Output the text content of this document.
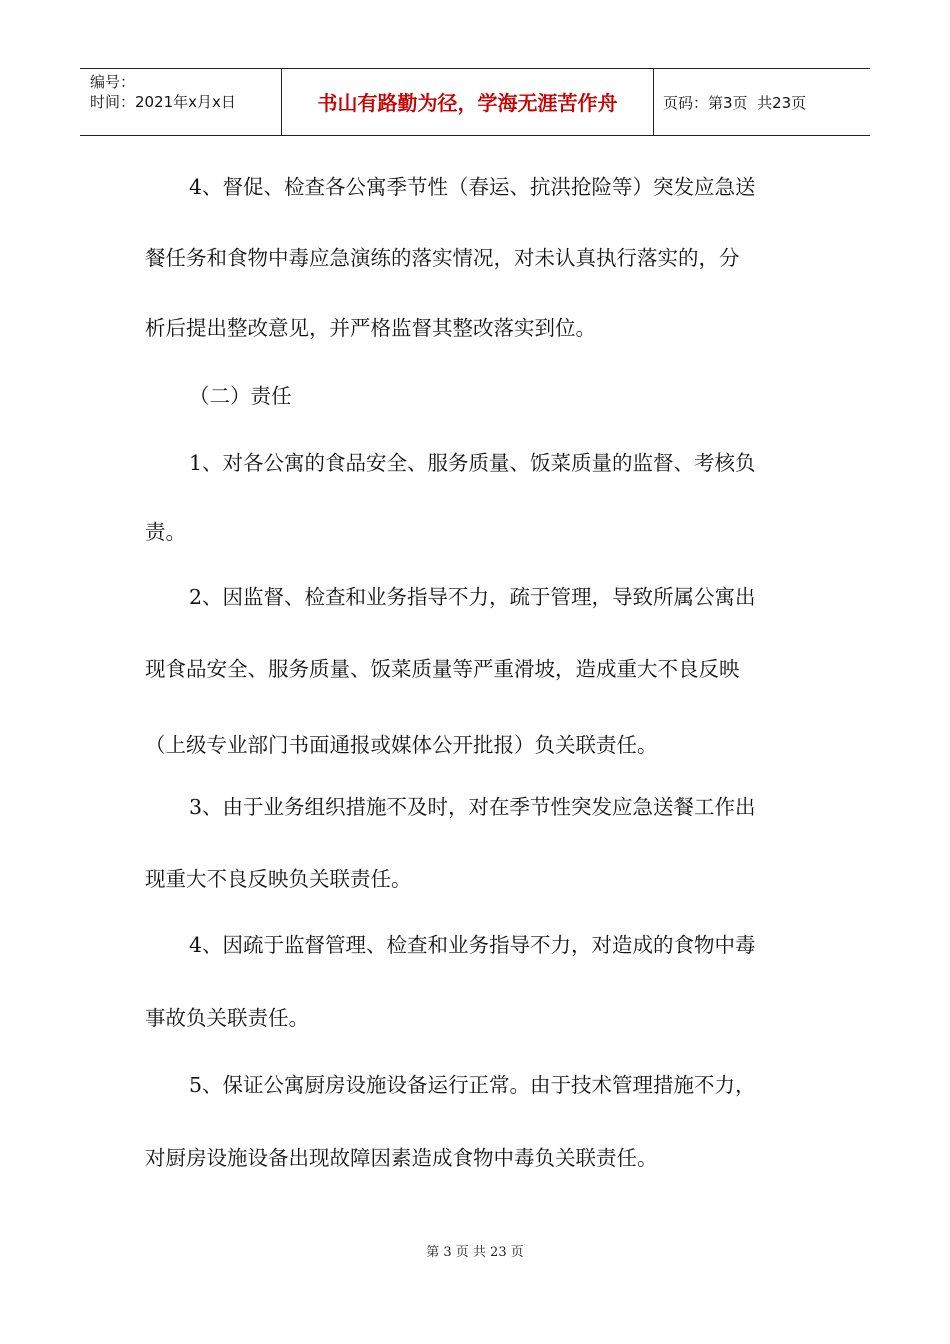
编号：
时间：2021年x月x日	书山有路勤为径，学海无涯苦作舟	页码：第3页  共23页
4、督促、检查各公寓季节性（春运、抗洪抢险等）突发应急送
餐任务和食物中毒应急演练的落实情况，对未认真执行落实的，分
析后提出整改意见，并严格监督其整改落实到位。
（二）责任
1、对各公寓的食品安全、服务质量、饭菜质量的监督、考核负
责。
2、因监督、检查和业务指导不力，疏于管理，导致所属公寓出
现食品安全、服务质量、饭菜质量等严重滑坡，造成重大不良反映
（上级专业部门书面通报或媒体公开批报）负关联责任。
3、由于业务组织措施不及时，对在季节性突发应急送餐工作出
现重大不良反映负关联责任。
4、因疏于监督管理、检查和业务指导不力，对造成的食物中毒
事故负关联责任。
5、保证公寓厨房设施设备运行正常。由于技术管理措施不力，
对厨房设施设备出现故障因素造成食物中毒负关联责任。
第 3 页 共 23 页
